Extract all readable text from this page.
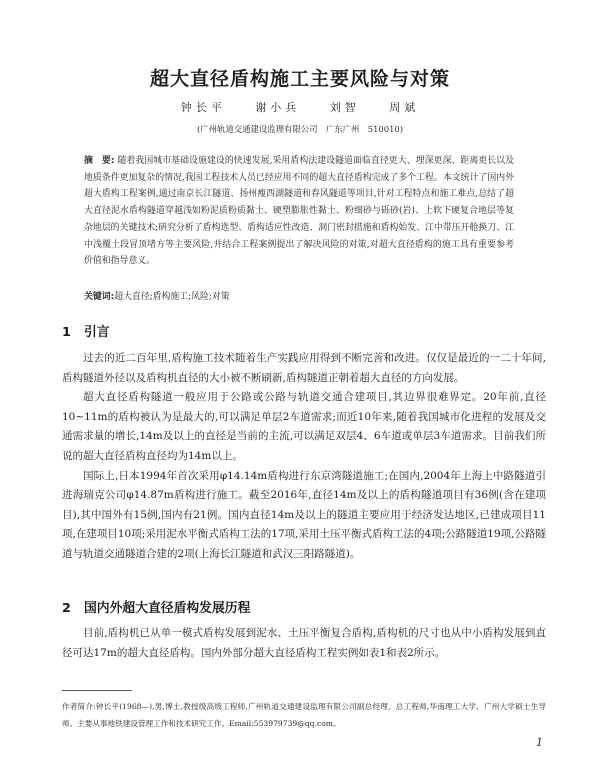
超大直径盾构施工主要风险与对策
钟长平	谢小兵	刘智	周斌
(广州轨道交通建设监理有限公司　广东广州　510010)
摘　要: 随着我国城市基础设施建设的快速发展,采用盾构法建设隧道面临直径更大、埋深更深、距离更长以及地质条件更加复杂的情况,我国工程技术人员已经应用不同的超大直径盾构完成了多个工程。本文统计了国内外超大盾构工程案例,通过南京长江隧道、扬州瘦西湖隧道和春风隧道等项目,针对工程特点和施工难点,总结了超大直径泥水盾构隧道穿越浅如粉泥质粉质黏土、硬塑膨胀性黏土、粉细砂与砾砂(岩)、上软下硬复合地层等复杂地层的关键技术;研究分析了盾构选型、盾构适应性改造、洞门密封措施和盾构始发、江中带压开舱换刀、江中浅覆土段冒顶堵方等主要风险,并结合工程案例提出了解决风险的对策,对超大直径盾构的施工具有重要参考价值和指导意义。
关键词:超大直径;盾构施工;风险;对策
1 引言

过去的近二百年里,盾构施工技术随着生产实践应用得到不断完善和改进。仅仅是最近的一二十年间,盾构隧道外径以及盾构机直径的大小被不断刷新,盾构隧道正朝着超大直径的方向发展。

超大直径盾构隧道一般应用于公路或公路与轨道交通合建项目,其边界很难界定。20年前,直径10~11m的盾构被认为是最大的,可以满足单层2车道需求;而近10年来,随着我国城市化进程的发展及交通需求量的增长,14m及以上的直径是当前的主流,可以满足双层4、6车道或单层3车道需求。目前我们所说的超大直径盾构直径均为14m以上。

国际上,日本1994年首次采用φ14.14m盾构进行东京湾隧道施工;在国内,2004年上海上中路隧道引进海瑞克公司φ14.87m盾构进行施工。截至2016年,直径14m及以上的盾构隧道项目有36例(含在建项目),其中国外有15例,国内有21例。国内直径14m及以上的隧道主要应用于经济发达地区,已建成项目11项,在建项目10项;采用泥水平衡式盾构工法的17项,采用土压平衡式盾构工法的4项;公路隧道19项,公路隧道与轨道交通隧道合建的2项(上海长江隧道和武汉三阳路隧道)。

2 国内外超大直径盾构发展历程

目前,盾构机已从单一模式盾构发展到泥水、土压平衡复合盾构,盾构机的尺寸也从中小盾构发展到直径可达17m的超大直径盾构。国内外部分超大直径盾构工程实例如表1和表2所示。

作者简介:钟长平(1968—),男,博士,教授级高级工程师,广州轨道交通建设监理有限公司副总经理、总工程师,华南理工大学、广州大学硕士生导师。主要从事地铁建设管理工作和技术研究工作。Email:553979739@qq.com。
1
